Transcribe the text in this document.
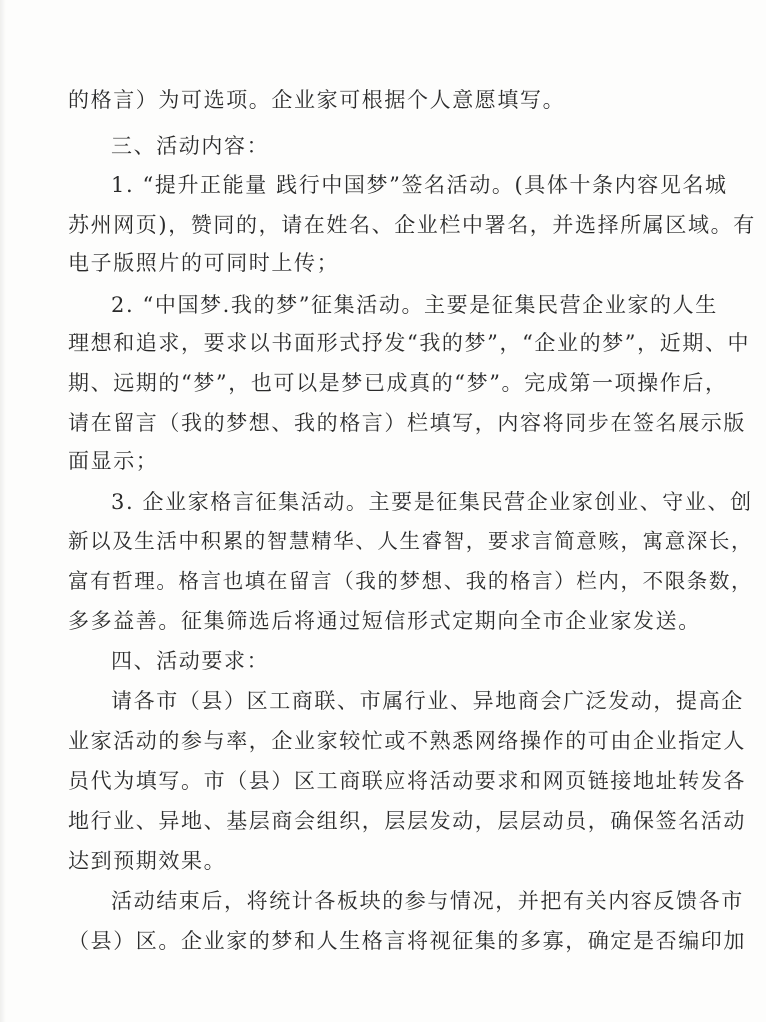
的格言）为可选项。企业家可根据个人意愿填写。
三、活动内容：
1. “提升正能量 践行中国梦”签名活动。(具体十条内容见名城
苏州网页)，赞同的，请在姓名、企业栏中署名，并选择所属区域。有
电子版照片的可同时上传；
2. “中国梦.我的梦”征集活动。主要是征集民营企业家的人生
理想和追求，要求以书面形式抒发“我的梦”，“企业的梦”，近期、中
期、远期的“梦”，也可以是梦已成真的“梦”。完成第一项操作后，
请在留言（我的梦想、我的格言）栏填写，内容将同步在签名展示版
面显示；
3. 企业家格言征集活动。主要是征集民营企业家创业、守业、创
新以及生活中积累的智慧精华、人生睿智，要求言简意赅，寓意深长，
富有哲理。格言也填在留言（我的梦想、我的格言）栏内，不限条数，
多多益善。征集筛选后将通过短信形式定期向全市企业家发送。
四、活动要求：
请各市（县）区工商联、市属行业、异地商会广泛发动，提高企
业家活动的参与率，企业家较忙或不熟悉网络操作的可由企业指定人
员代为填写。市（县）区工商联应将活动要求和网页链接地址转发各
地行业、异地、基层商会组织，层层发动，层层动员，确保签名活动
达到预期效果。
活动结束后，将统计各板块的参与情况，并把有关内容反馈各市
（县）区。企业家的梦和人生格言将视征集的多寡，确定是否编印加
